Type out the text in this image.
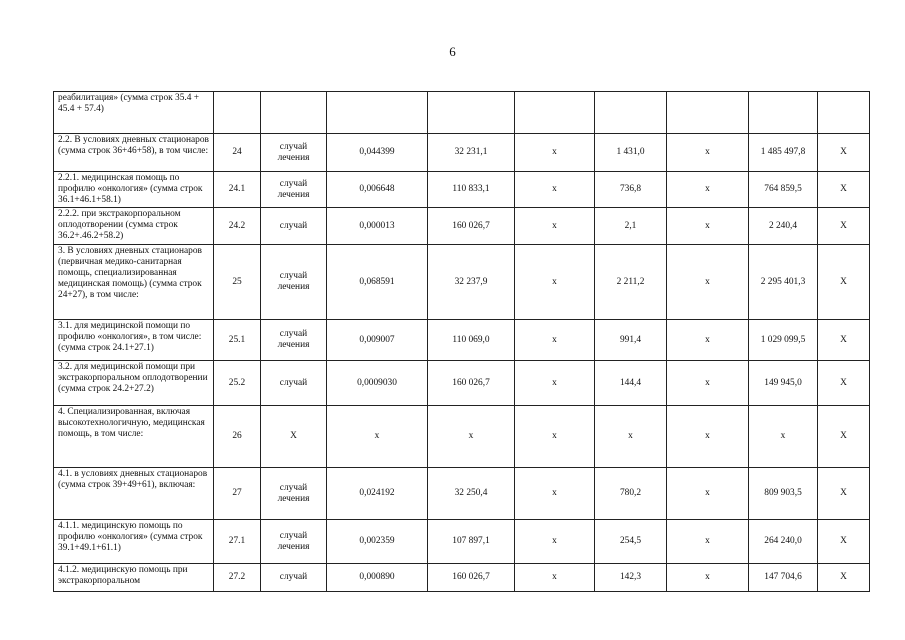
6
реабилитация» (сумма строк 35.4 + 45.4 + 57.4)									
2.2. В условиях дневных стационаров (сумма строк 36+46+58), в том числе:	24	случай лечения	0,044399	32 231,1	х	1 431,0	х	1 485 497,8	X
2.2.1. медицинская помощь по профилю «онкология» (сумма строк 36.1+46.1+58.1)	24.1	случай лечения	0,006648	110 833,1	х	736,8	х	764 859,5	X
2.2.2. при экстракорпоральном оплодотворении (сумма строк 36.2+.46.2+58.2)	24.2	случай	0,000013	160 026,7	х	2,1	х	2 240,4	X
3. В условиях дневных стационаров (первичная медико-санитарная помощь, специализированная медицинская помощь) (сумма строк 24+27), в том числе:	25	случай лечения	0,068591	32 237,9	х	2 211,2	х	2 295 401,3	X
3.1. для медицинской помощи по профилю «онкология», в том числе: (сумма строк 24.1+27.1)	25.1	случай лечения	0,009007	110 069,0	х	991,4	х	1 029 099,5	X
3.2. для медицинской помощи при экстракорпоральном оплодотворении (сумма строк 24.2+27.2)	25.2	случай	0,0009030	160 026,7	х	144,4	х	149 945,0	X
4. Специализированная, включая высокотехнологичную, медицинская помощь, в том числе:	26	X	х	х	х	х	х	х	X
4.1. в условиях дневных стационаров (сумма строк 39+49+61), включая:	27	случай лечения	0,024192	32 250,4	х	780,2	х	809 903,5	X
4.1.1. медицинскую помощь по профилю «онкология» (сумма строк 39.1+49.1+61.1)	27.1	случай лечения	0,002359	107 897,1	х	254,5	х	264 240,0	X
4.1.2. медицинскую помощь при экстракорпоральном	27.2	случай	0,000890	160 026,7	х	142,3	х	147 704,6	X
